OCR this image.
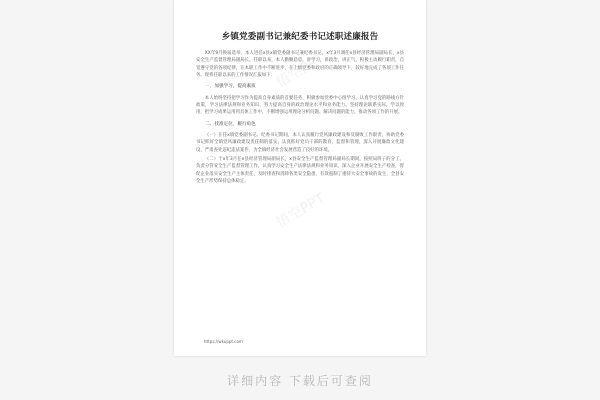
悟空PPT
悟空PPT
乡镇党委副书记兼纪委书记述职述廉报告

XX年9月换届选举，本人进任x县x镇党委副书记兼纪委书记，x年3月调任x县经济管理局副局长，x县安全生产监督管理局副局长。任职以来，本人勤勤恳恳，讲学习，讲政治，讲正气，积极主动履行职责，自觉遵守党的各项纪律，在本职工作中不断进步，在上级党委和政府的正确领导下，较好地完成了各项工作任务。现将任职以来的工作情况汇报如下：

一、加强学习，提高素质

本人始终坚持把学习作为提高自身素质的首要任务，积极参加党委中心组学习，认真学习党的路线方针政策，学习法律法规和业务知识，努力提高自身的政治理论水平和业务能力。坚持理论联系实际，学以致用，把学习成果运用到具体工作中，不断增强运用理论分析问题、解决问题的能力，推动各项工作的开展。

二、找准定位，履行角色

（一）在任x镇党委副书记、纪委书记期间，本人认真履行党风廉政建设和反腐败工作职责，协助党委书记抓好全镇党风廉政建设责任制的落实，认真抓好党员干部的教育、监督和管理，深入开展廉政文化建设，严肃查处违纪违法案件，为全镇经济社会发展营造了良好的环境。

（二）于x年3月任x县经济管理局副局长，x县安全生产监督管理局副局长期间，按照局班子的分工，负责分管安全生产监督管理工作，认真学习安全生产法律法规和业务知识，深入企业开展安全生产检查，督促企业落实安全生产主体责任，及时排查和消除各类安全隐患，有效遏制了重特大安全事故的发生，全县安全生产形势保持总体稳定。

https://wkuppt.com
详细内容 下载后可查阅
